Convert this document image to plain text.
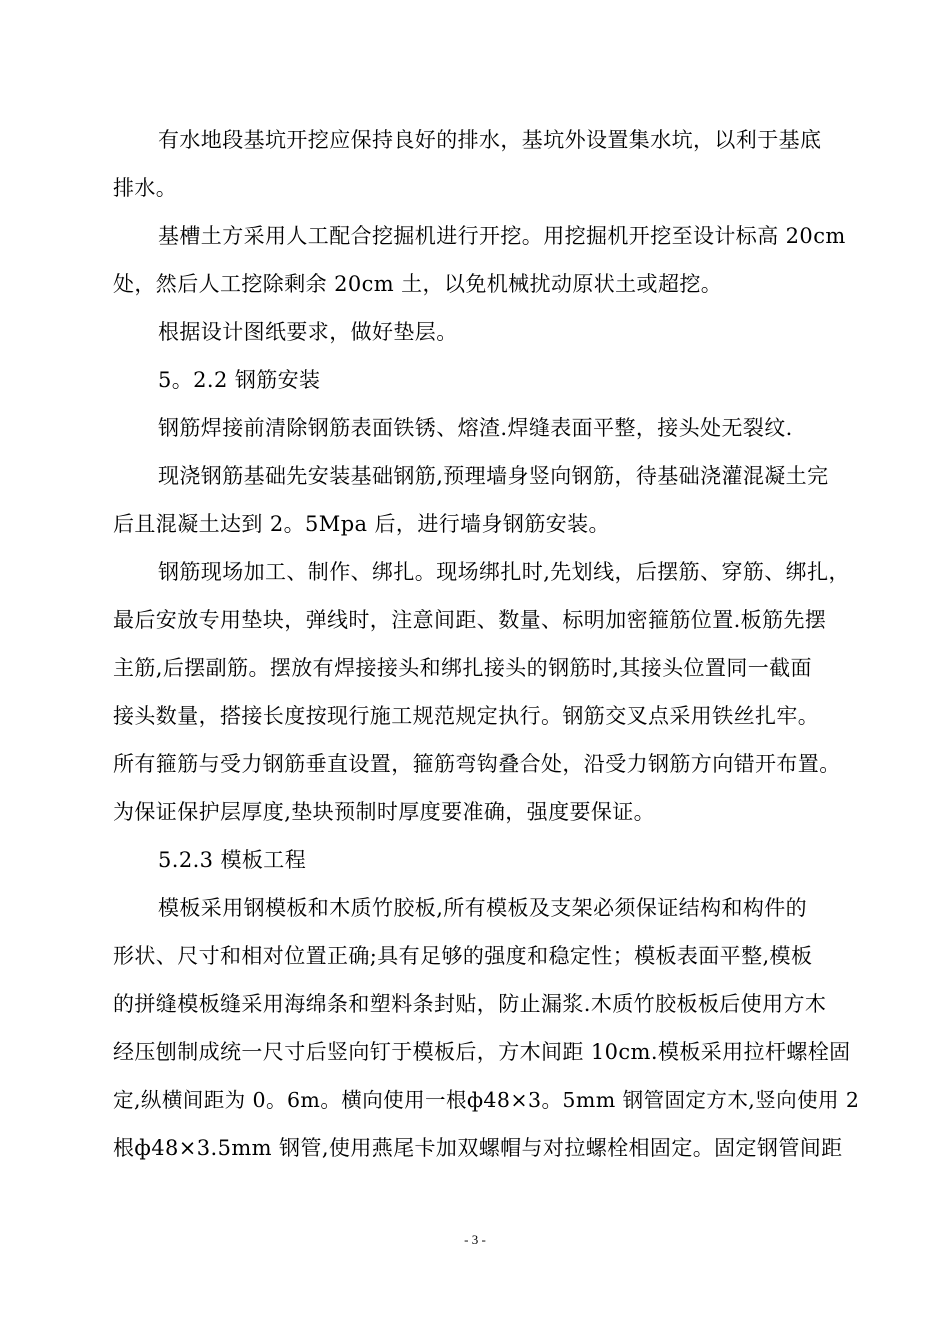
有水地段基坑开挖应保持良好的排水，基坑外设置集水坑，以利于基底
排水。
基槽土方采用人工配合挖掘机进行开挖。用挖掘机开挖至设计标高 20cm
处，然后人工挖除剩余 20cm 土，以免机械扰动原状土或超挖。
根据设计图纸要求，做好垫层。
5。2.2 钢筋安装
钢筋焊接前清除钢筋表面铁锈、熔渣.焊缝表面平整，接头处无裂纹.
现浇钢筋基础先安装基础钢筋,预理墙身竖向钢筋，待基础浇灌混凝土完
后且混凝土达到 2。5Mpa 后，进行墙身钢筋安装。
钢筋现场加工、制作、绑扎。现场绑扎时,先划线，后摆筋、穿筋、绑扎，
最后安放专用垫块，弹线时，注意间距、数量、标明加密箍筋位置.板筋先摆
主筋,后摆副筋。摆放有焊接接头和绑扎接头的钢筋时,其接头位置同一截面
接头数量，搭接长度按现行施工规范规定执行。钢筋交叉点采用铁丝扎牢。
所有箍筋与受力钢筋垂直设置，箍筋弯钩叠合处，沿受力钢筋方向错开布置。
为保证保护层厚度,垫块预制时厚度要准确，强度要保证。
5.2.3 模板工程
模板采用钢模板和木质竹胶板,所有模板及支架必须保证结构和构件的
形状、尺寸和相对位置正确;具有足够的强度和稳定性；模板表面平整,模板
的拼缝模板缝采用海绵条和塑料条封贴，防止漏浆.木质竹胶板板后使用方木
经压刨制成统一尺寸后竖向钉于模板后，方木间距 10cm.模板采用拉杆螺栓固
定,纵横间距为 0。6m。横向使用一根ф48×3。5mm 钢管固定方木,竖向使用 2
根ф48×3.5mm 钢管,使用燕尾卡加双螺帽与对拉螺栓相固定。固定钢管间距
- 3 -
